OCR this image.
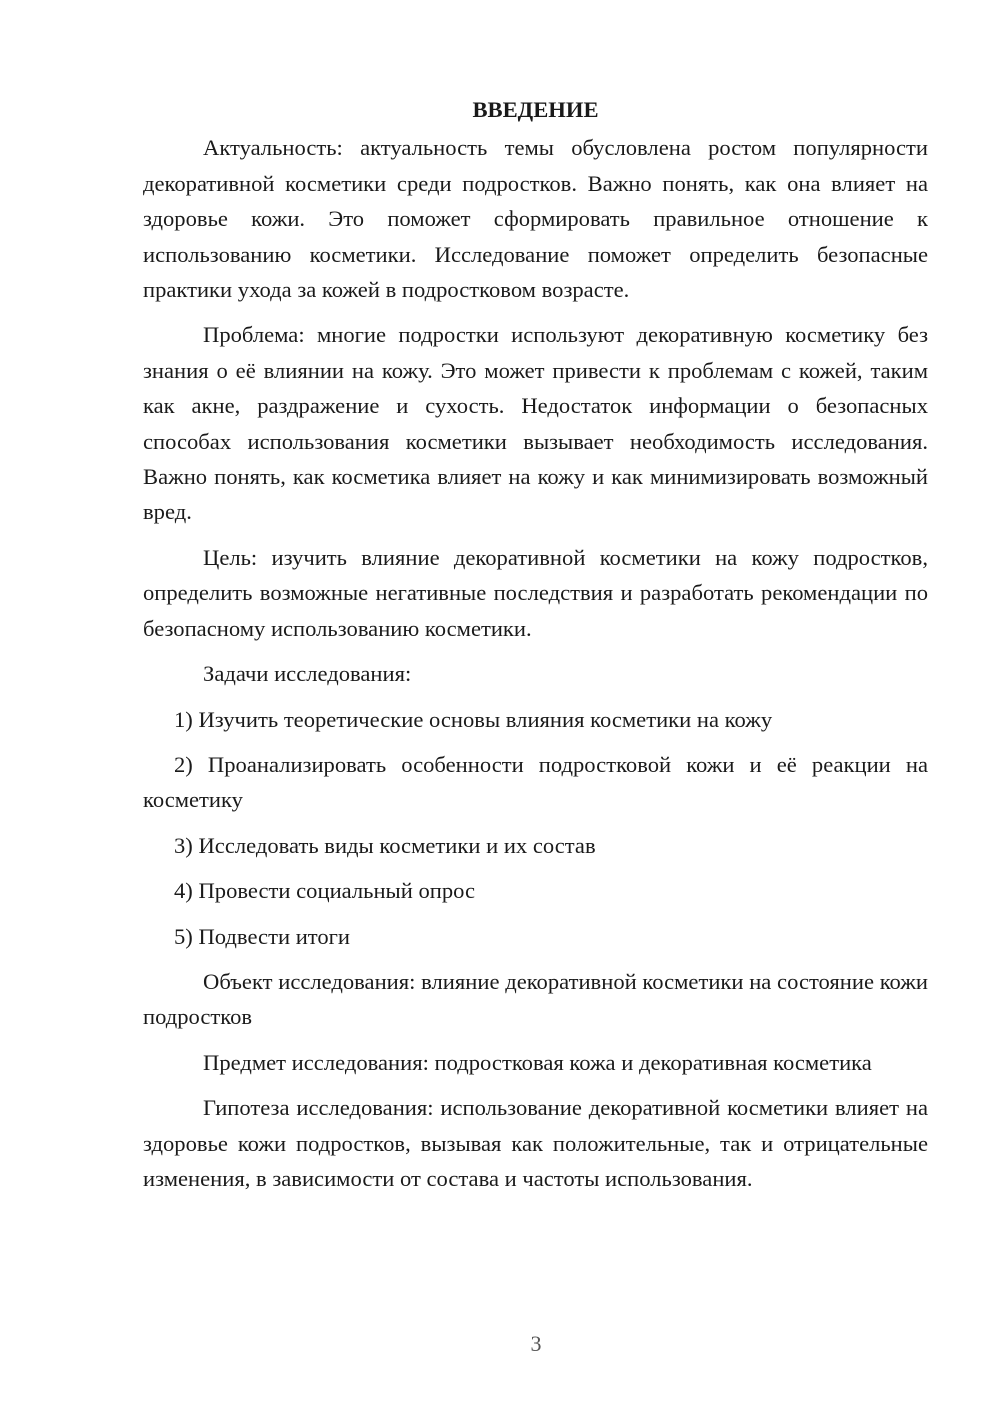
ВВЕДЕНИЕ

Актуальность: актуальность темы обусловлена ростом популярности декоративной косметики среди подростков. Важно понять, как она влияет на здоровье кожи. Это поможет сформировать правильное отношение к использованию косметики. Исследование поможет определить безопасные практики ухода за кожей в подростковом возрасте.

Проблема: многие подростки используют декоративную косметику без знания о её влиянии на кожу. Это может привести к проблемам с кожей, таким как акне, раздражение и сухость. Недостаток информации о безопасных способах использования косметики вызывает необходимость исследования. Важно понять, как косметика влияет на кожу и как минимизировать возможный вред.

Цель: изучить влияние декоративной косметики на кожу подростков, определить возможные негативные последствия и разработать рекомендации по безопасному использованию косметики.

Задачи исследования:

1) Изучить теоретические основы влияния косметики на кожу

2) Проанализировать особенности подростковой кожи и её реакции на косметику

3) Исследовать виды косметики и их состав

4) Провести социальный опрос

5) Подвести итоги

Объект исследования: влияние декоративной косметики на состояние кожи подростков

Предмет исследования: подростковая кожа и декоративная косметика

Гипотеза исследования: использование декоративной косметики влияет на здоровье кожи подростков, вызывая как положительные, так и отрицательные изменения, в зависимости от состава и частоты использования.

3
